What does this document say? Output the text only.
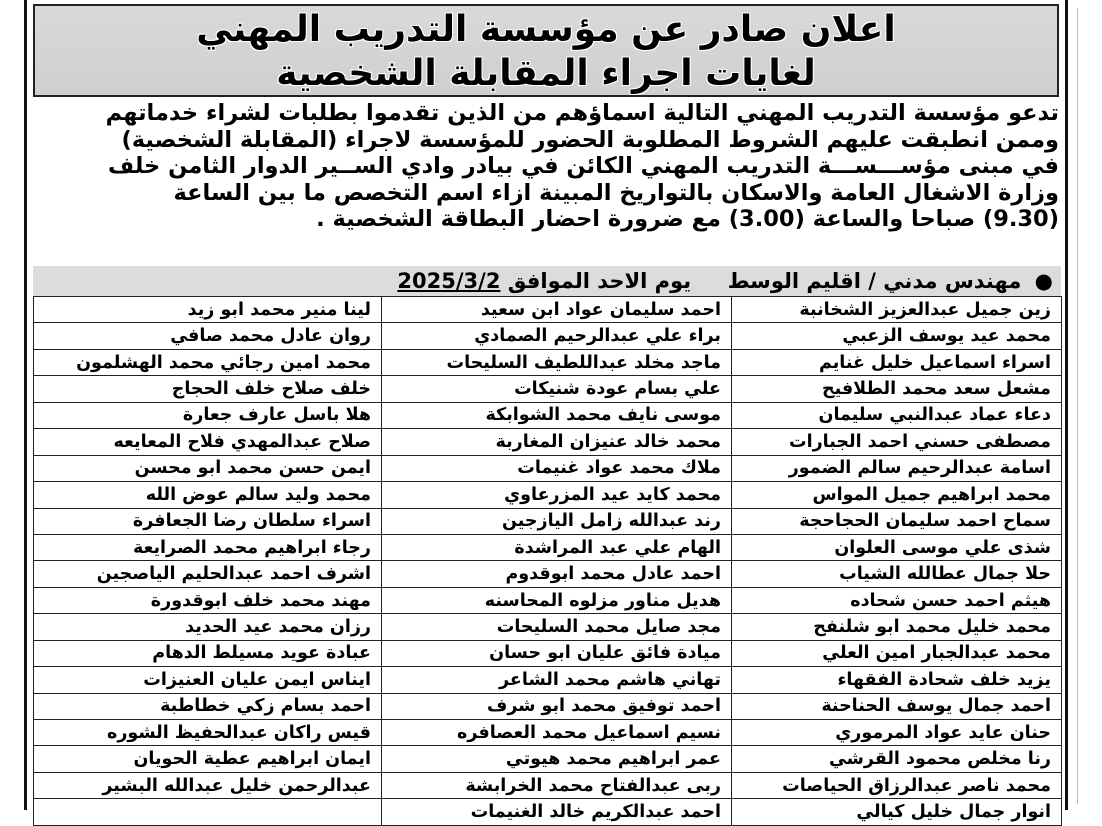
اعلان صادر عن مؤسسة التدريب المهني
لغايات اجراء المقابلة الشخصية
تدعو مؤسسة التدريب المهني التالية اسماؤهم من الذين تقدموا بطلبات لشراء خدماتهم
وممن انطبقت عليهم الشروط المطلوبة الحضور للمؤسسة لاجراء (المقابلة الشخصية)
في مبنى مؤســـســـة التدريب المهني الكائن في بيادر وادي الســير الدوار الثامن خلف
وزارة الاشغال العامة والاسكان بالتواريخ المبينة ازاء اسم التخصص ما بين الساعة
(9.30) صباحا والساعة (3.00) مع ضرورة احضار البطاقة الشخصية .
● مهندس مدني / اقليم الوسط     يوم الاحد الموافق 2025/3/2
زين جميل عبدالعزيز الشخانبة	احمد سليمان عواد ابن سعيد	لينا منير محمد ابو زيد
محمد عيد يوسف الزعبي	براء علي عبدالرحيم الصمادي	روان عادل محمد صافي
اسراء اسماعيل خليل غنايم	ماجد مخلد عبداللطيف السليحات	محمد امين رجائي محمد الهشلمون
مشعل سعد محمد الطلافيح	علي بسام عودة شنيكات	خلف صلاح خلف الحجاج
دعاء عماد عبدالنبي سليمان	موسى نايف محمد الشوابكة	هلا باسل عارف جعارة
مصطفى حسني احمد الجبارات	محمد خالد عنيزان المغاربة	صلاح عبدالمهدي فلاح المعايعه
اسامة عبدالرحيم سالم الضمور	ملاك محمد عواد غنيمات	ايمن حسن محمد ابو محسن
محمد ابراهيم جميل المواس	محمد كايد عيد المزرعاوي	محمد وليد سالم عوض الله
سماح احمد سليمان الحجاحجة	رند عبدالله زامل اليازجين	اسراء سلطان رضا الجعافرة
شذى علي موسى العلوان	الهام علي عبد المراشدة	رجاء ابراهيم محمد الصرايعة
حلا جمال عطالله الشياب	احمد عادل محمد ابوقدوم	اشرف احمد عبدالحليم الياصجين
هيثم احمد حسن شحاده	هديل مناور مزلوه المحاسنه	مهند محمد خلف ابوقدورة
محمد خليل محمد ابو شلنفح	مجد صايل محمد السليحات	رزان محمد عيد الحديد
محمد عبدالجبار امين العلي	ميادة فائق عليان ابو حسان	عبادة عويد مسيلط الدهام
يزيد خلف شحادة الفقهاء	تهاني هاشم محمد الشاعر	ايناس ايمن عليان العنيزات
احمد جمال يوسف الحناحنة	احمد توفيق محمد ابو شرف	احمد بسام زكي خطاطبة
حنان عايد عواد المرموري	نسيم اسماعيل محمد العصافره	قيس راكان عبدالحفيظ الشوره
رنا مخلص محمود القرشي	عمر ابراهيم محمد هيوتي	ايمان ابراهيم عطية الحويان
محمد ناصر عبدالرزاق الحياصات	ربى عبدالفتاح محمد الخرابشة	عبدالرحمن خليل عبدالله البشير
انوار جمال خليل كيالي	احمد عبدالكريم خالد الغنيمات	
